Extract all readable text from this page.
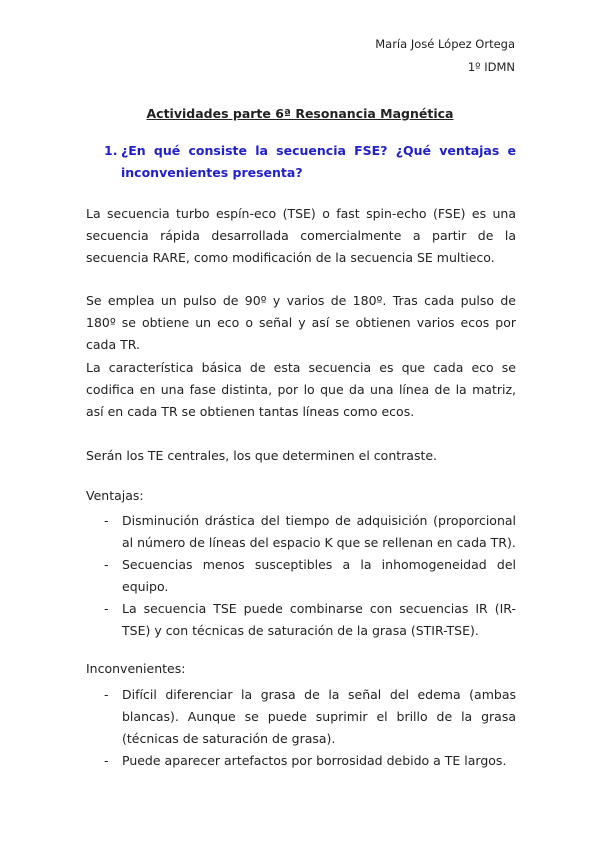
María José López Ortega
1º IDMN
Actividades parte 6ª Resonancia Magnética
1. ¿En qué consiste la secuencia FSE? ¿Qué ventajas e inconvenientes presenta?
La secuencia turbo espín-eco (TSE) o fast spin-echo (FSE) es una secuencia rápida desarrollada comercialmente a partir de la secuencia RARE, como modificación de la secuencia SE multieco.
Se emplea un pulso de 90º y varios de 180º. Tras cada pulso de 180º se obtiene un eco o señal y así se obtienen varios ecos por cada TR.
La característica básica de esta secuencia es que cada eco se codifica en una fase distinta, por lo que da una línea de la matriz, así en cada TR se obtienen tantas líneas como ecos.
Serán los TE centrales, los que determinen el contraste.
Ventajas:
- Disminución drástica del tiempo de adquisición (proporcional al número de líneas del espacio K que se rellenan en cada TR).
- Secuencias menos susceptibles a la inhomogeneidad del equipo.
- La secuencia TSE puede combinarse con secuencias IR (IR-TSE) y con técnicas de saturación de la grasa (STIR-TSE).
Inconvenientes:
- Difícil diferenciar la grasa de la señal del edema (ambas blancas). Aunque se puede suprimir el brillo de la grasa (técnicas de saturación de grasa).
- Puede aparecer artefactos por borrosidad debido a TE largos.
